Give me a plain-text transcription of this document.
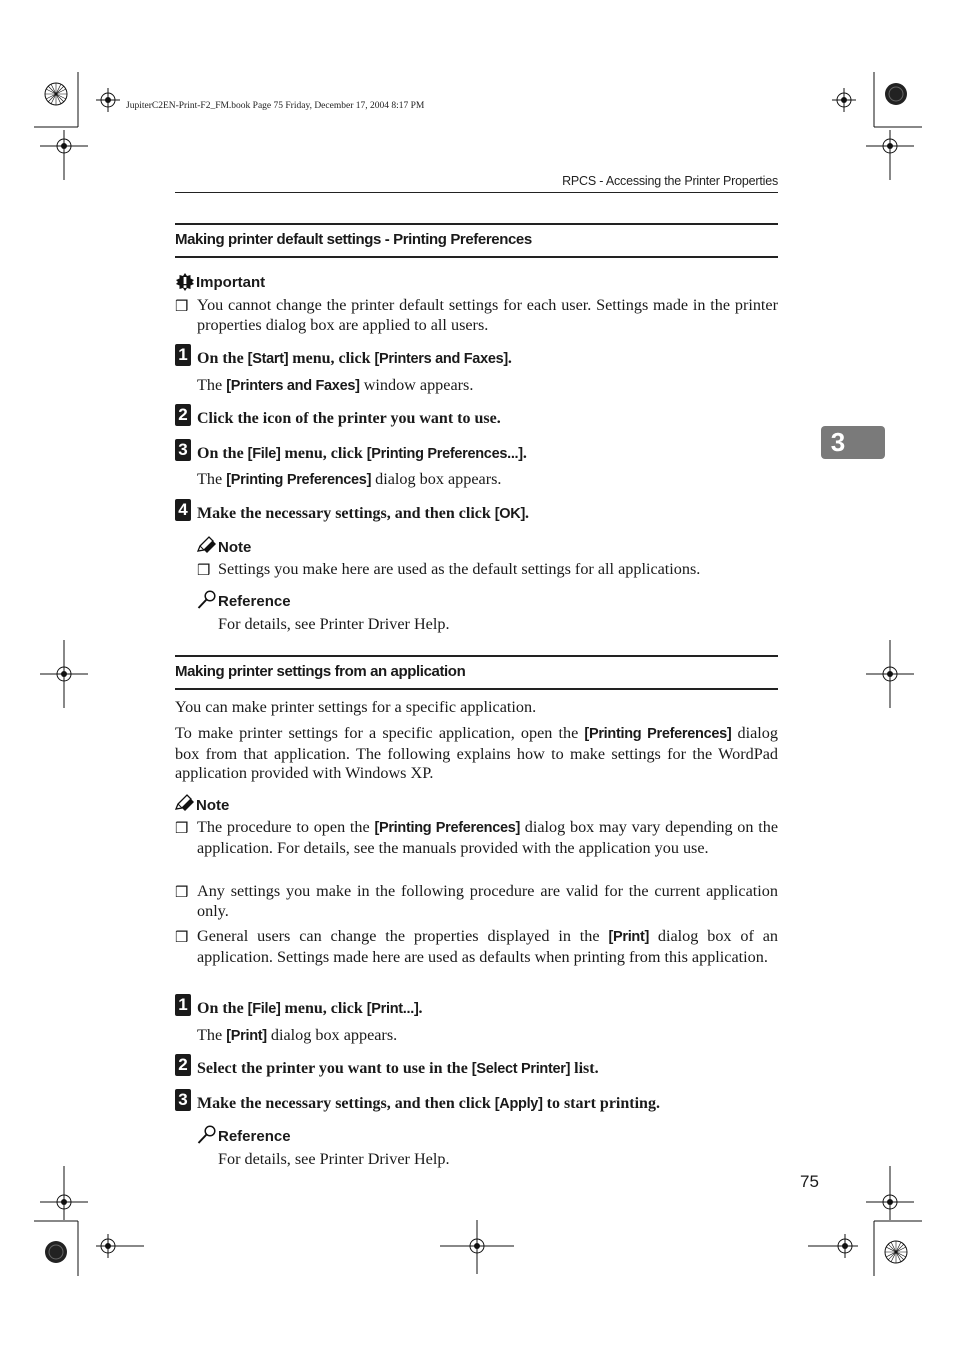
JupiterC2EN-Print-F2_FM.book Page 75 Friday, December 17, 2004 8:17 PM
RPCS - Accessing the Printer Properties
3
Making printer default settings - Printing Preferences
Important
❒ You cannot change the printer default settings for each user. Settings made in the printer properties dialog box are applied to all users.
1 On the [Start] menu, click [Printers and Faxes].
The [Printers and Faxes] window appears.
2 Click the icon of the printer you want to use.
3 On the [File] menu, click [Printing Preferences...].
The [Printing Preferences] dialog box appears.
4 Make the necessary settings, and then click [OK].
Note
❒ Settings you make here are used as the default settings for all applications.
Reference
For details, see Printer Driver Help.
Making printer settings from an application
You can make printer settings for a specific application.
To make printer settings for a specific application, open the [Printing Preferences] dialog box from that application. The following explains how to make settings for the WordPad application provided with Windows XP.
Note
❒ The procedure to open the [Printing Preferences] dialog box may vary depending on the application. For details, see the manuals provided with the application you use.
❒ Any settings you make in the following procedure are valid for the current application only.
❒ General users can change the properties displayed in the [Print] dialog box of an application. Settings made here are used as defaults when printing from this application.
1 On the [File] menu, click [Print...].
The [Print] dialog box appears.
2 Select the printer you want to use in the [Select Printer] list.
3 Make the necessary settings, and then click [Apply] to start printing.
Reference
For details, see Printer Driver Help.
75
